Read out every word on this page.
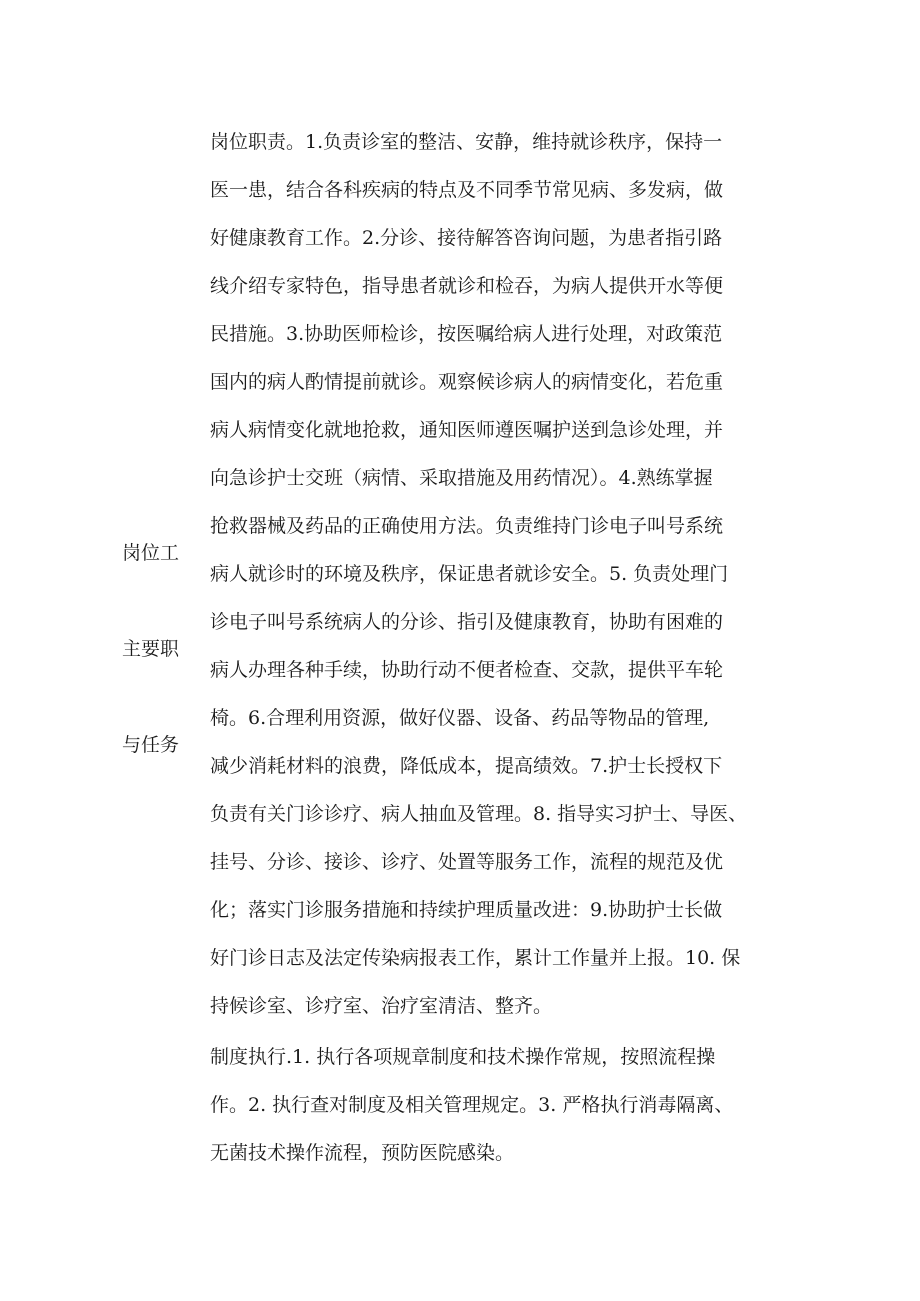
岗位工
主要职
与任务
岗位职责。1.负责诊室的整洁、安静，维持就诊秩序，保持一
医一患，结合各科疾病的特点及不同季节常见病、多发病，做
好健康教育工作。2.分诊、接待解答咨询问题，为患者指引路
线介绍专家特色，指导患者就诊和检吞，为病人提供开水等便
民措施。3.协助医师检诊，按医嘱给病人进行处理，对政策范
国内的病人酌情提前就诊。观察候诊病人的病情变化，若危重
病人病情变化就地抢救，通知医师遵医嘱护送到急诊处理，并
向急诊护士交班（病情、采取措施及用药情况）。4.熟练掌握
抢救器械及药品的正确使用方法。负责维持门诊电子叫号系统
病人就诊时的环境及秩序，保证患者就诊安全。5. 负责处理门
诊电子叫号系统病人的分诊、指引及健康教育，协助有困难的
病人办理各种手续，协助行动不便者检查、交款，提供平车轮
椅。6.合理利用资源，做好仪器、设备、药品等物品的管理,
减少消耗材料的浪费，降低成本，提高绩效。7.护士长授权下
负责有关门诊诊疗、病人抽血及管理。8. 指导实习护士、导医、
挂号、分诊、接诊、诊疗、处置等服务工作，流程的规范及优
化；落实门诊服务措施和持续护理质量改进：9.协助护士长做
好门诊日志及法定传染病报表工作，累计工作量并上报。10. 保
持候诊室、诊疗室、治疗室清洁、整齐。
制度执行.1. 执行各项规章制度和技术操作常规，按照流程操
作。2. 执行查对制度及相关管理规定。3. 严格执行消毒隔离、
无菌技术操作流程，预防医院感染。
